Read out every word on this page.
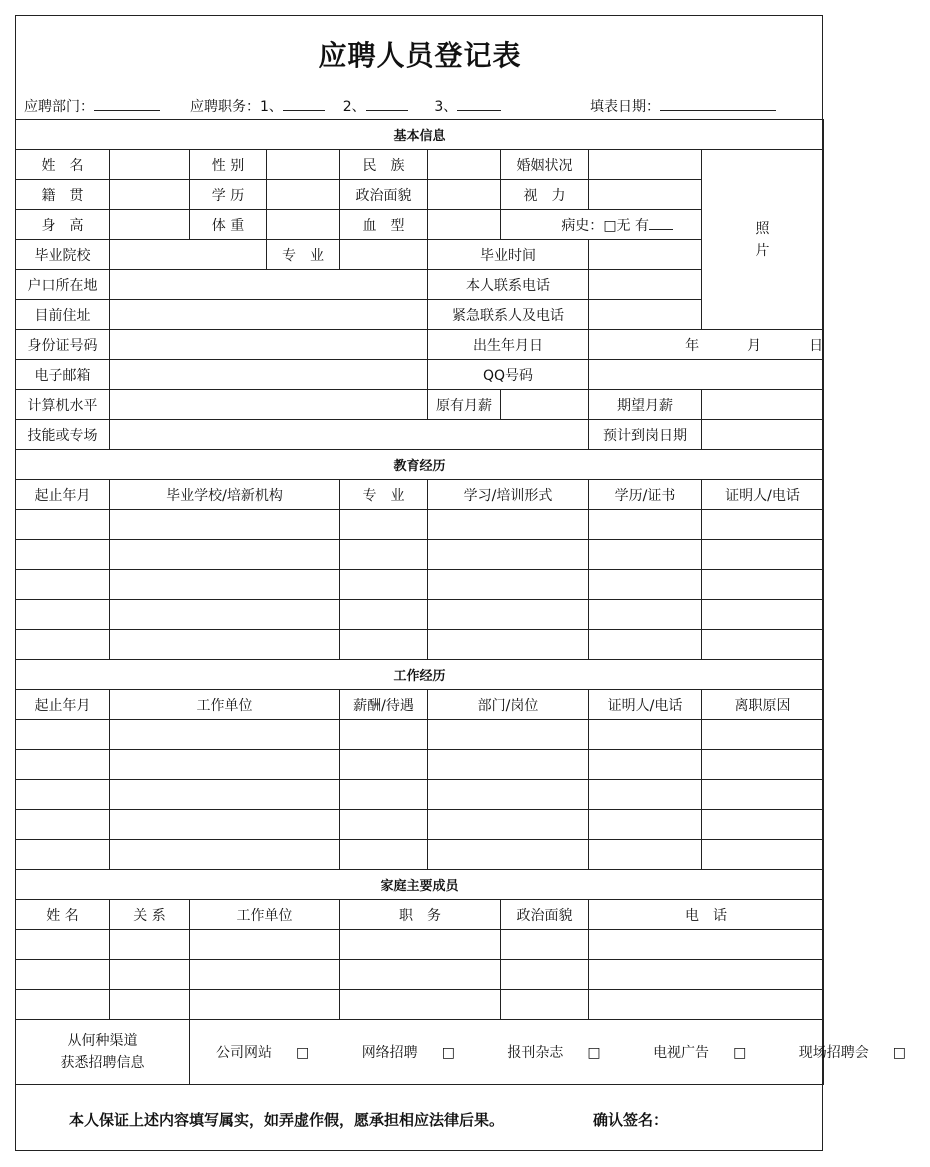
应聘人员登记表
应聘部门：	应聘职务：1、	2、	3、	填表日期：
基本信息								
姓　名		性 别		民　族		婚姻状况		照
片
籍　贯		学 历		政治面貌		视　力		
身　高		体 重		血　型		病史：□无 有		
毕业院校			专　业		毕业时间			
户口所在地					本人联系电话			
目前住址					紧急联系人及电话			
身份证号码					出生年月日		年 月 日	
电子邮箱					QQ号码			
计算机水平					原有月薪		期望月薪	
技能或专场							预计到岗日期	
教育经历								
起止年月	毕业学校/培新机构			专　业	学习/培训形式		学历/证书	证明人/电话

工作经历								
起止年月	工作单位			薪酬/待遇	部门/岗位		证明人/电话	离职原因

家庭主要成员								
姓 名	关 系	工作单位		职　务		政治面貌	电　话	

从何种渠道
获悉招聘信息		公司网站 □ 网络招聘 □ 报刊杂志 □ 电视广告 □ 现场招聘会 □						
本人保证上述内容填写属实，如弄虚作假，愿承担相应法律后果。	确认签名：
